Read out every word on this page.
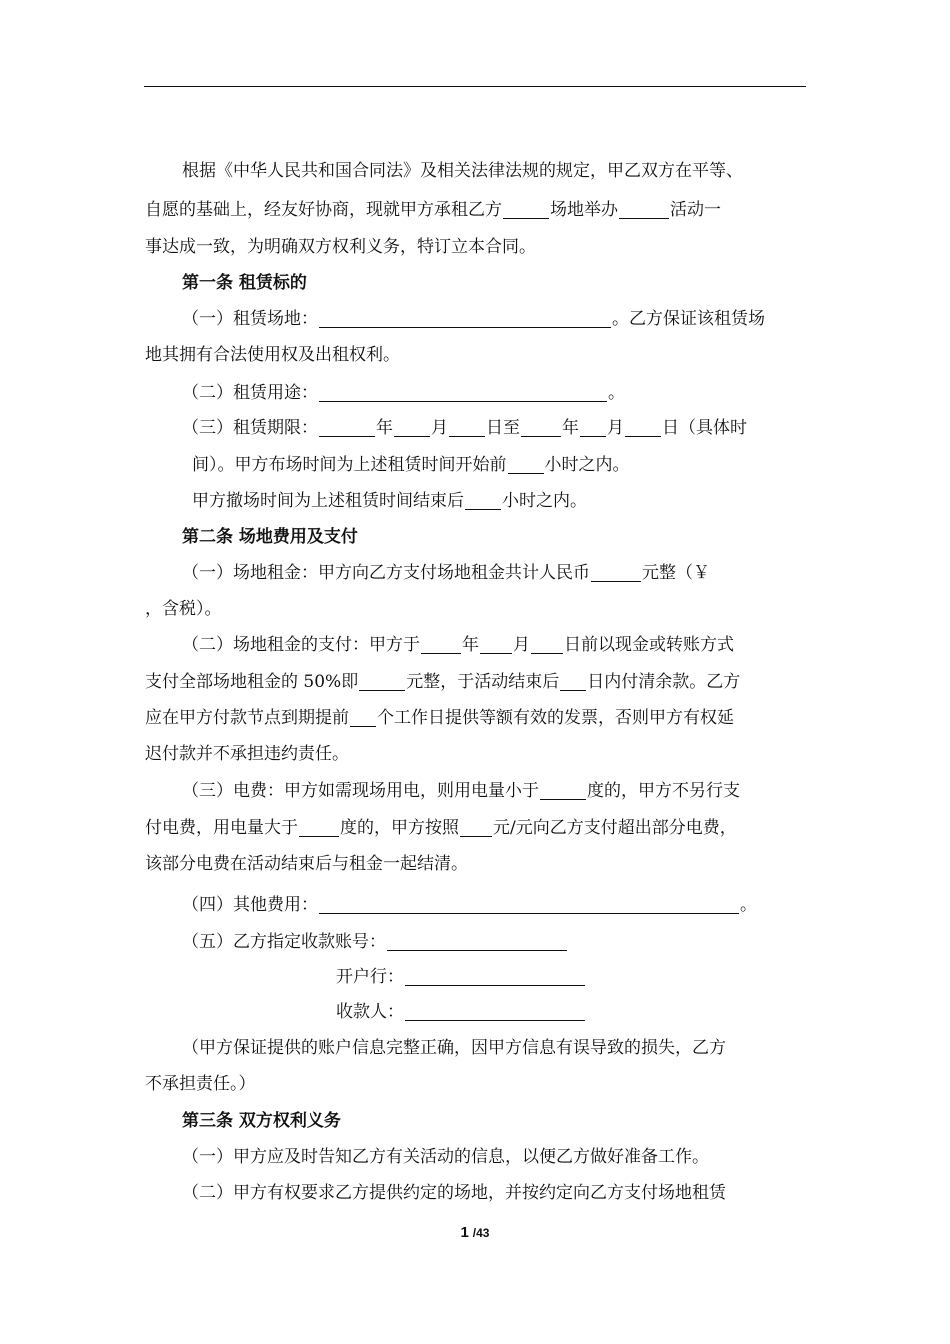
根据《中华人民共和国合同法》及相关法律法规的规定，甲乙双方在平等、
自愿的基础上，经友好协商，现就甲方承租乙方	场地举办	活动一
事达成一致，为明确双方权利义务，特订立本合同。
第一条 租赁标的
（一）租赁场地：	。乙方保证该租赁场
地其拥有合法使用权及出租权利。
（二）租赁用途：	。
（三）租赁期限：	年 月 日至 年 月 日（具体时
间）。甲方布场时间为上述租赁时间开始前 小时之内。
甲方撤场时间为上述租赁时间结束后 小时之内。
第二条 场地费用及支付
（一）场地租金：甲方向乙方支付场地租金共计人民币	元整（￥
，含税）。
（二）场地租金的支付：甲方于 年 月 日前以现金或转账方式
支付全部场地租金的 50%即	元整，于活动结束后 日内付清余款。乙方
应在甲方付款节点到期提前 个工作日提供等额有效的发票，否则甲方有权延
迟付款并不承担违约责任。
（三）电费：甲方如需现场用电，则用电量小于	度的，甲方不另行支
付电费，用电量大于 度的，甲方按照 元/元向乙方支付超出部分电费，
该部分电费在活动结束后与租金一起结清。
（四）其他费用：	。
（五）乙方指定收款账号：
开户行：
收款人：
（甲方保证提供的账户信息完整正确，因甲方信息有误导致的损失，乙方
不承担责任。）
第三条 双方权利义务
（一）甲方应及时告知乙方有关活动的信息，以便乙方做好准备工作。
（二）甲方有权要求乙方提供约定的场地，并按约定向乙方支付场地租赁
1 /43
